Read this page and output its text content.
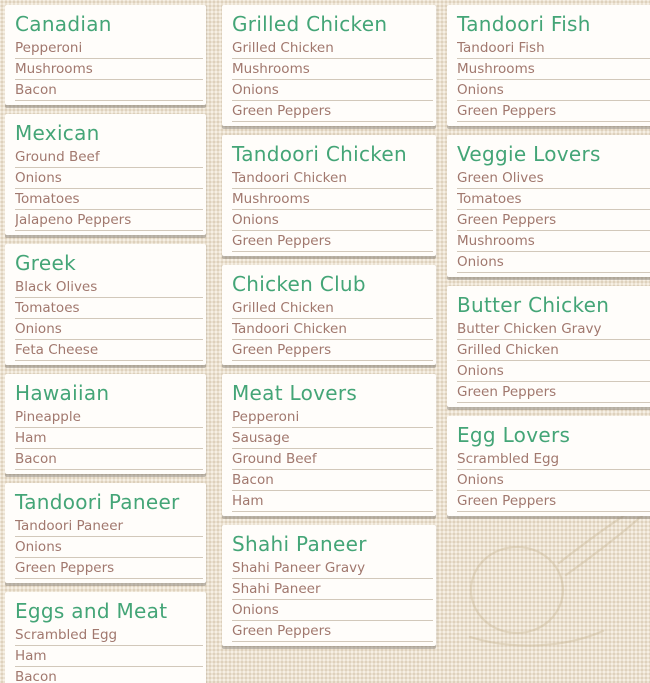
Canadian
Pepperoni
Mushrooms
Bacon
Mexican
Ground Beef
Onions
Tomatoes
Jalapeno Peppers
Greek
Black Olives
Tomatoes
Onions
Feta Cheese
Hawaiian
Pineapple
Ham
Bacon
Tandoori Paneer
Tandoori Paneer
Onions
Green Peppers
Eggs and Meat
Scrambled Egg
Ham
Bacon
Grilled Chicken
Grilled Chicken
Mushrooms
Onions
Green Peppers
Tandoori Chicken
Tandoori Chicken
Mushrooms
Onions
Green Peppers
Chicken Club
Grilled Chicken
Tandoori Chicken
Green Peppers
Meat Lovers
Pepperoni
Sausage
Ground Beef
Bacon
Ham
Shahi Paneer
Shahi Paneer Gravy
Shahi Paneer
Onions
Green Peppers
Tandoori Fish
Tandoori Fish
Mushrooms
Onions
Green Peppers
Veggie Lovers
Green Olives
Tomatoes
Green Peppers
Mushrooms
Onions
Butter Chicken
Butter Chicken Gravy
Grilled Chicken
Onions
Green Peppers
Egg Lovers
Scrambled Egg
Onions
Green Peppers
